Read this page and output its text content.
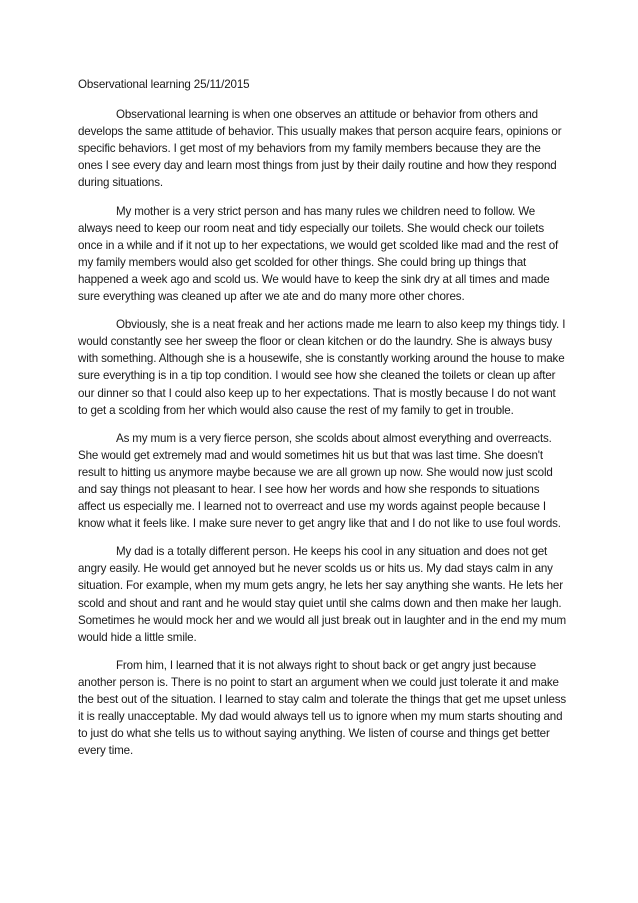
Observational learning 25/11/2015

Observational learning is when one observes an attitude or behavior from others and develops the same attitude of behavior. This usually makes that person acquire fears, opinions or specific behaviors. I get most of my behaviors from my family members because they are the ones I see every day and learn most things from just by their daily routine and how they respond during situations.

My mother is a very strict person and has many rules we children need to follow. We always need to keep our room neat and tidy especially our toilets. She would check our toilets once in a while and if it not up to her expectations, we would get scolded like mad and the rest of my family members would also get scolded for other things. She could bring up things that happened a week ago and scold us. We would have to keep the sink dry at all times and made sure everything was cleaned up after we ate and do many more other chores.

Obviously, she is a neat freak and her actions made me learn to also keep my things tidy. I would constantly see her sweep the floor or clean kitchen or do the laundry. She is always busy with something. Although she is a housewife, she is constantly working around the house to make sure everything is in a tip top condition. I would see how she cleaned the toilets or clean up after our dinner so that I could also keep up to her expectations. That is mostly because I do not want to get a scolding from her which would also cause the rest of my family to get in trouble.

As my mum is a very fierce person, she scolds about almost everything and overreacts. She would get extremely mad and would sometimes hit us but that was last time. She doesn't result to hitting us anymore maybe because we are all grown up now. She would now just scold and say things not pleasant to hear. I see how her words and how she responds to situations affect us especially me. I learned not to overreact and use my words against people because I know what it feels like. I make sure never to get angry like that and I do not like to use foul words.

My dad is a totally different person. He keeps his cool in any situation and does not get angry easily. He would get annoyed but he never scolds us or hits us. My dad stays calm in any situation. For example, when my mum gets angry, he lets her say anything she wants. He lets her scold and shout and rant and he would stay quiet until she calms down and then make her laugh. Sometimes he would mock her and we would all just break out in laughter and in the end my mum would hide a little smile.

From him, I learned that it is not always right to shout back or get angry just because another person is. There is no point to start an argument when we could just tolerate it and make the best out of the situation. I learned to stay calm and tolerate the things that get me upset unless it is really unacceptable. My dad would always tell us to ignore when my mum starts shouting and to just do what she tells us to without saying anything. We listen of course and things get better every time.
